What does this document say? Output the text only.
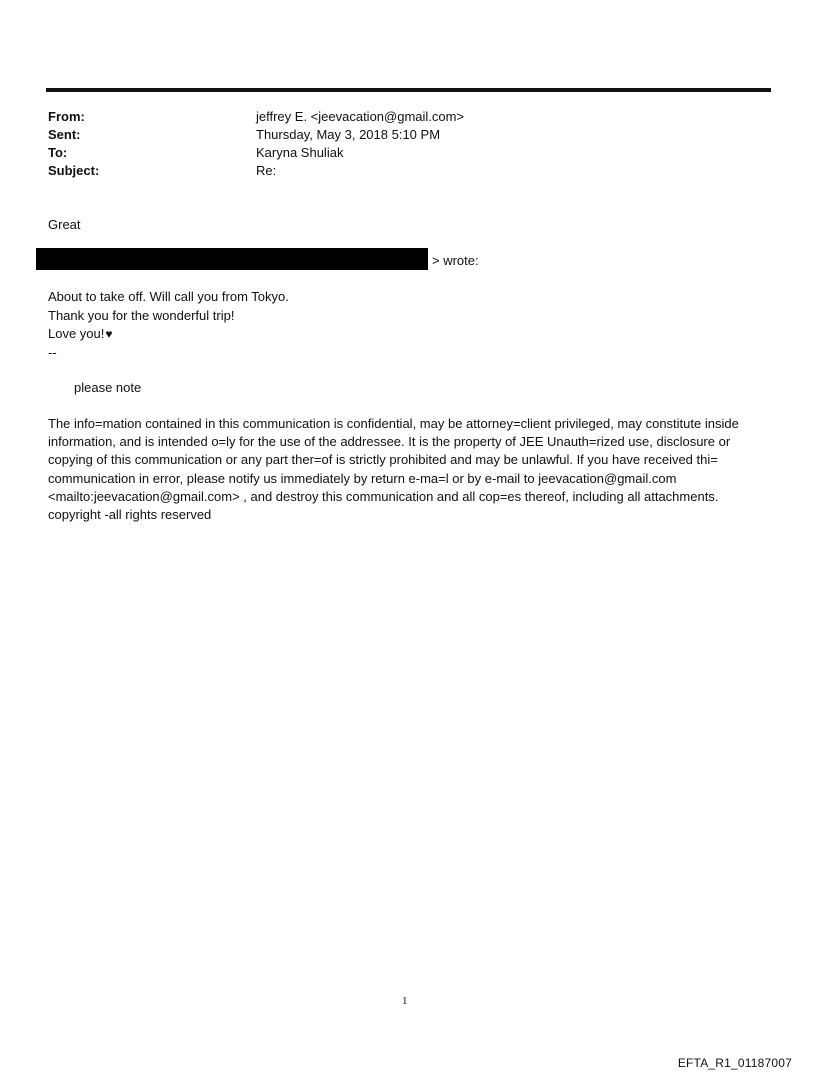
From:	jeffrey E. <jeevacation@gmail.com>
Sent:	Thursday, May 3, 2018 5:10 PM
To:	Karyna Shuliak
Subject:	Re:
Great
> wrote:
About to take off. Will call you from Tokyo.
Thank you for the wonderful trip!
Love you!♥
--
please note
The info=mation contained in this communication is confidential, may be attorney=client privileged, may constitute inside information, and is intended o=ly for the use of the addressee. It is the property of JEE Unauth=rized use, disclosure or copying of this communication or any part ther=of is strictly prohibited and may be unlawful. If you have received thi= communication in error, please notify us immediately by return e-ma=l or by e-mail to jeevacation@gmail.com <mailto:jeevacation@gmail.com> , and destroy this communication and all cop=es thereof, including all attachments. copyright -all rights reserved
1
EFTA_R1_01187007
